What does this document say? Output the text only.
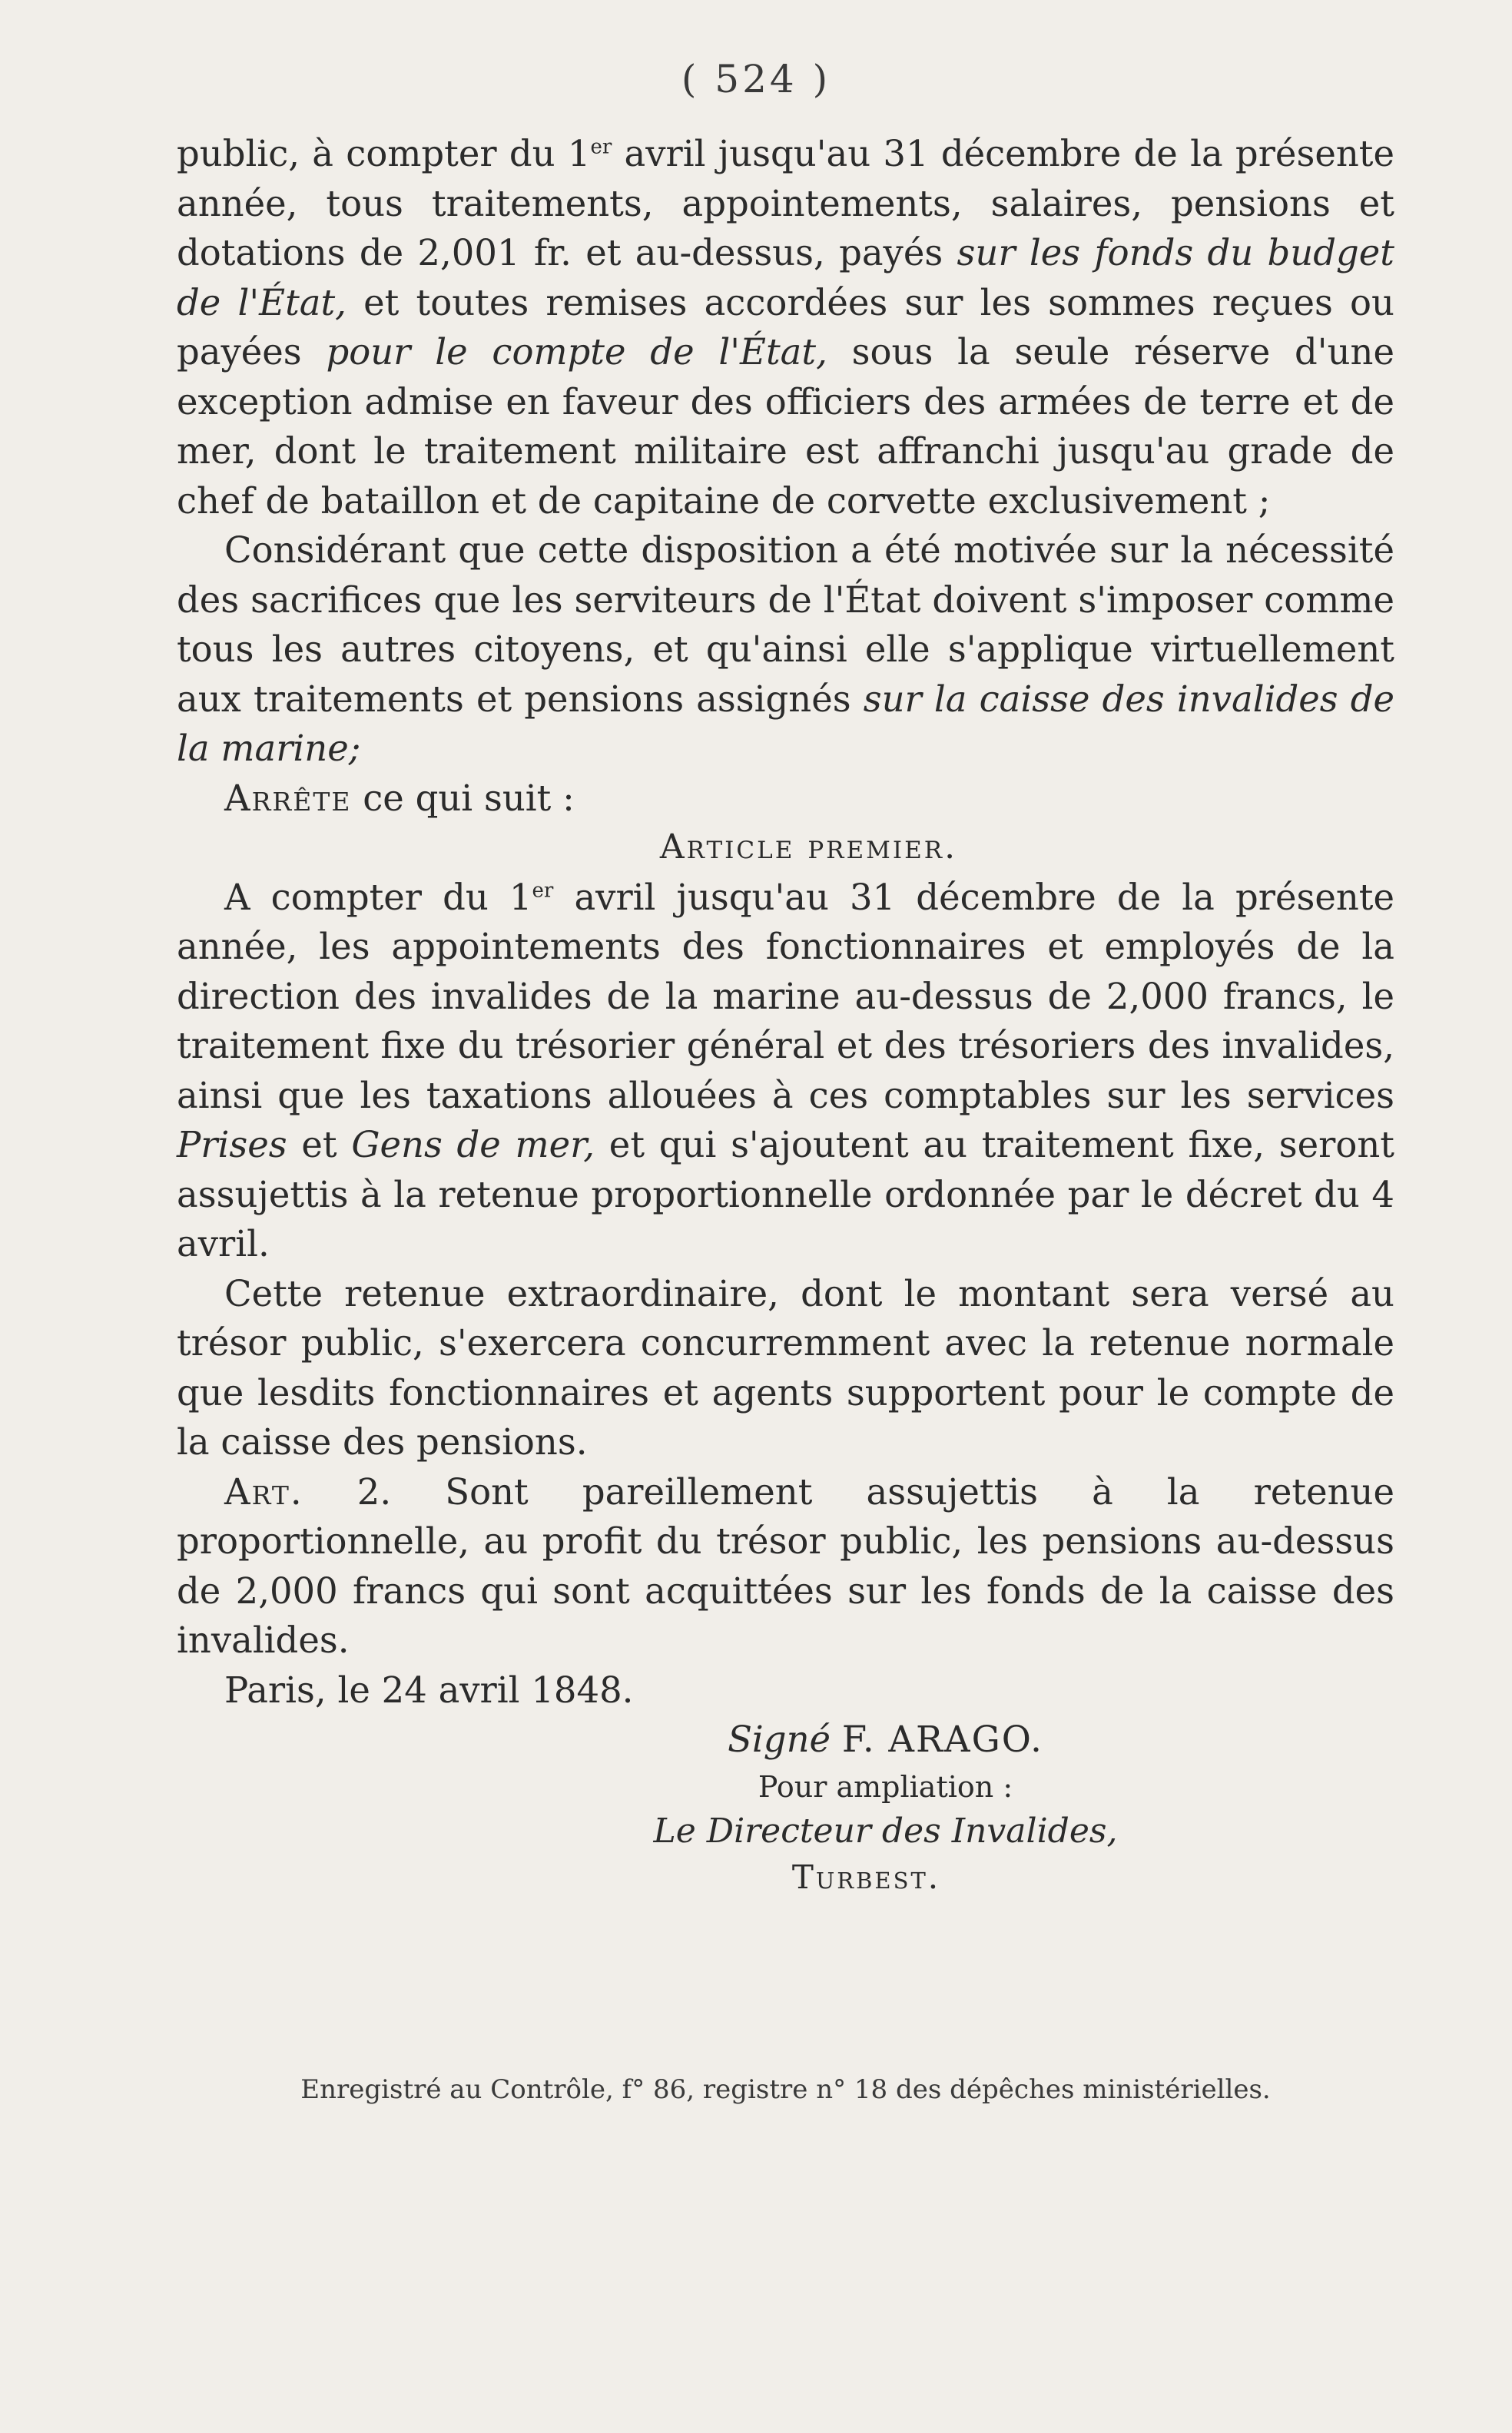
( 524 )

public, à compter du 1er avril jusqu'au 31 décembre de la présente année, tous traitements, appointements, salaires, pensions et dotations de 2,001 fr. et au-dessus, payés sur les fonds du budget de l'État, et toutes remises accordées sur les sommes reçues ou payées pour le compte de l'État, sous la seule réserve d'une exception admise en faveur des officiers des armées de terre et de mer, dont le traitement militaire est affranchi jusqu'au grade de chef de bataillon et de capitaine de corvette exclusivement ;

Considérant que cette disposition a été motivée sur la nécessité des sacrifices que les serviteurs de l'État doivent s'imposer comme tous les autres citoyens, et qu'ainsi elle s'applique virtuellement aux traitements et pensions assignés sur la caisse des invalides de la marine;

Arrête ce qui suit :

Article premier.

A compter du 1er avril jusqu'au 31 décembre de la présente année, les appointements des fonctionnaires et employés de la direction des invalides de la marine au-dessus de 2,000 francs, le traitement fixe du trésorier général et des trésoriers des invalides, ainsi que les taxations allouées à ces comptables sur les services Prises et Gens de mer, et qui s'ajoutent au traitement fixe, seront assujettis à la retenue proportionnelle ordonnée par le décret du 4 avril.

Cette retenue extraordinaire, dont le montant sera versé au trésor public, s'exercera concurremment avec la retenue normale que lesdits fonctionnaires et agents supportent pour le compte de la caisse des pensions.

Art. 2. Sont pareillement assujettis à la retenue proportionnelle, au profit du trésor public, les pensions au-dessus de 2,000 francs qui sont acquittées sur les fonds de la caisse des invalides.

Paris, le 24 avril 1848.

Signé F. ARAGO.

Pour ampliation :

Le Directeur des Invalides,

Turbest.

Enregistré au Contrôle, f° 86, registre n° 18 des dépêches ministérielles.
